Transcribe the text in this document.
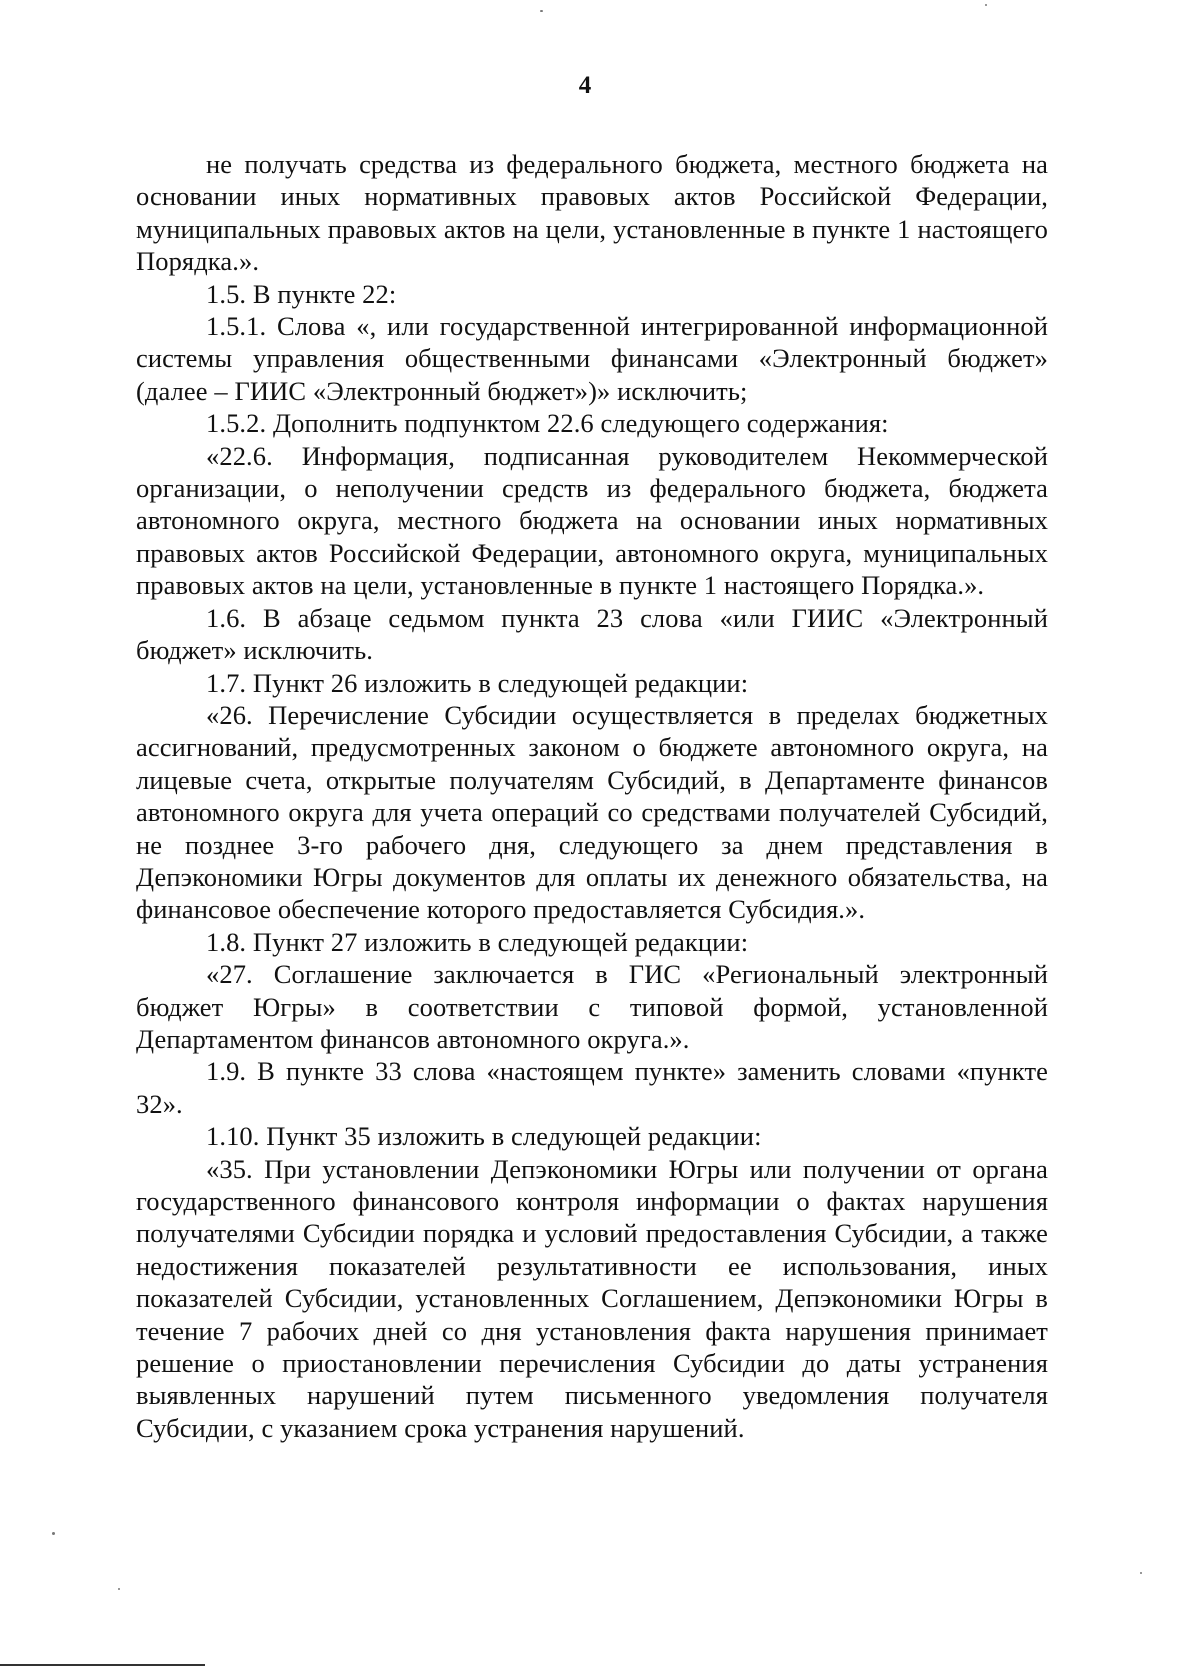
4

не получать средства из федерального бюджета, местного бюджета на основании иных нормативных правовых актов Российской Федерации, муниципальных правовых актов на цели, установленные в пункте 1 настоящего Порядка.».

1.5. В пункте 22:

1.5.1. Слова «, или государственной интегрированной информационной системы управления общественными финансами «Электронный бюджет» (далее – ГИИС «Электронный бюджет»)» исключить;

1.5.2. Дополнить подпунктом 22.6 следующего содержания:

«22.6. Информация, подписанная руководителем Некоммерческой организации, о неполучении средств из федерального бюджета, бюджета автономного округа, местного бюджета на основании иных нормативных правовых актов Российской Федерации, автономного округа, муниципальных правовых актов на цели, установленные в пункте 1 настоящего Порядка.».

1.6. В абзаце седьмом пункта 23 слова «или ГИИС «Электронный бюджет» исключить.

1.7. Пункт 26 изложить в следующей редакции:

«26. Перечисление Субсидии осуществляется в пределах бюджетных ассигнований, предусмотренных законом о бюджете автономного округа, на лицевые счета, открытые получателям Субсидий, в Департаменте финансов автономного округа для учета операций со средствами получателей Субсидий, не позднее 3-го рабочего дня, следующего за днем представления в Депэкономики Югры документов для оплаты их денежного обязательства, на финансовое обеспечение которого предоставляется Субсидия.».

1.8. Пункт 27 изложить в следующей редакции:

«27. Соглашение заключается в ГИС «Региональный электронный бюджет Югры» в соответствии с типовой формой, установленной Департаментом финансов автономного округа.».

1.9. В пункте 33 слова «настоящем пункте» заменить словами «пункте 32».

1.10. Пункт 35 изложить в следующей редакции:

«35. При установлении Депэкономики Югры или получении от органа государственного финансового контроля информации о фактах нарушения получателями Субсидии порядка и условий предоставления Субсидии, а также недостижения показателей результативности ее использования, иных показателей Субсидии, установленных Соглашением, Депэкономики Югры в течение 7 рабочих дней со дня установления факта нарушения принимает решение о приостановлении перечисления Субсидии до даты устранения выявленных нарушений путем письменного уведомления получателя Субсидии, с указанием срока устранения нарушений.
